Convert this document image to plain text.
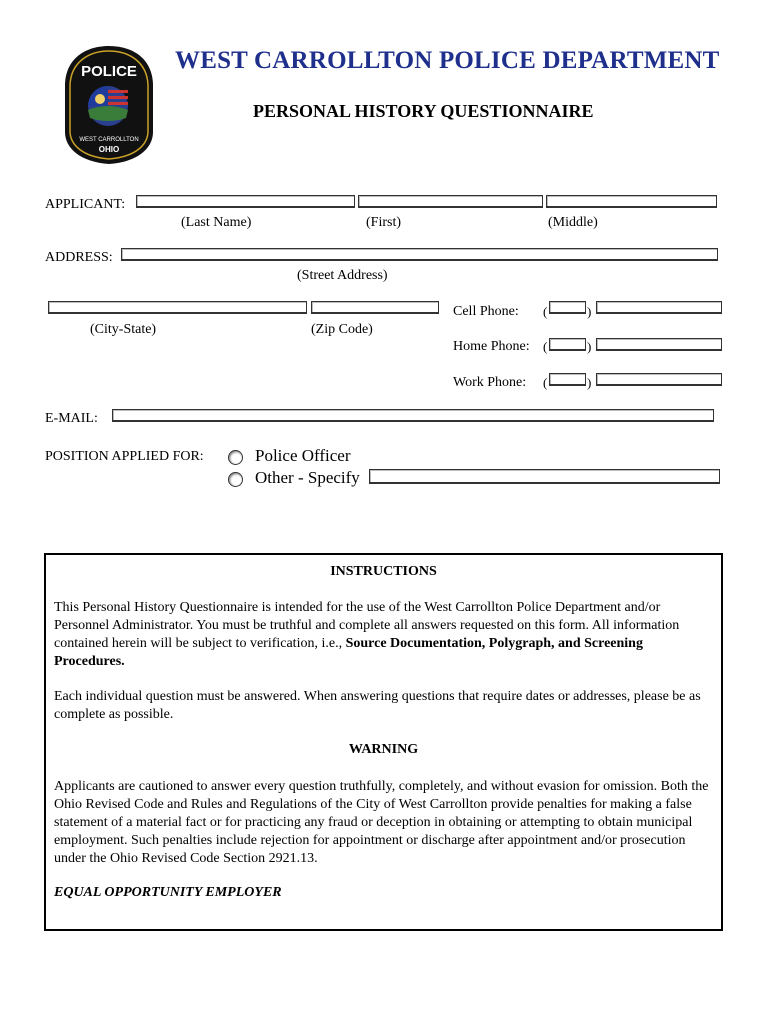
POLICE
WEST CARROLLTON
OHIO
WEST CARROLLTON POLICE DEPARTMENT
PERSONAL HISTORY QUESTIONNAIRE
APPLICANT:
(Last Name)	(First)	(Middle)
ADDRESS:
(Street Address)
(City-State)	(Zip Code)
Cell Phone: (	)
Home Phone: (	)
Work Phone: (	)
E-MAIL:
POSITION APPLIED FOR:	Police Officer
Other - Specify
INSTRUCTIONS
This Personal History Questionnaire is intended for the use of the West Carrollton Police Department and/or Personnel Administrator. You must be truthful and complete all answers requested on this form. All information contained herein will be subject to verification, i.e., Source Documentation, Polygraph, and Screening Procedures.
Each individual question must be answered. When answering questions that require dates or addresses, please be as complete as possible.
WARNING
Applicants are cautioned to answer every question truthfully, completely, and without evasion for omission. Both the Ohio Revised Code and Rules and Regulations of the City of West Carrollton provide penalties for making a false statement of a material fact or for practicing any fraud or deception in obtaining or attempting to obtain municipal employment. Such penalties include rejection for appointment or discharge after appointment and/or prosecution under the Ohio Revised Code Section 2921.13.
EQUAL OPPORTUNITY EMPLOYER
